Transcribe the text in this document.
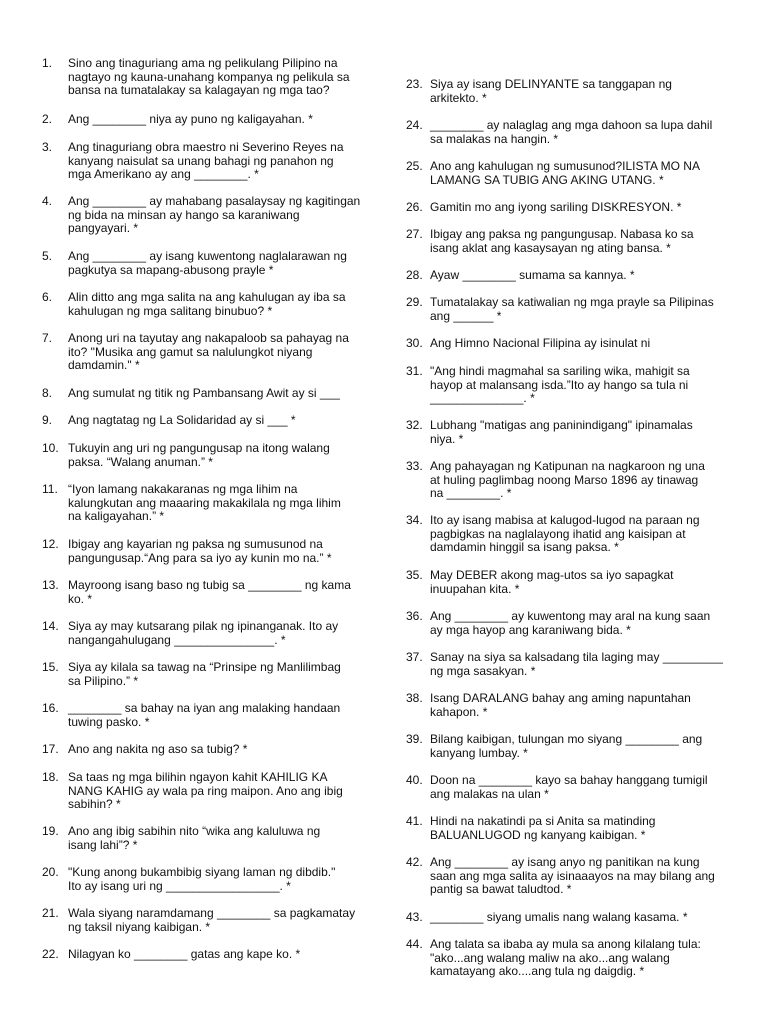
1.	Sino ang tinaguriang ama ng pelikulang Pilipino na
nagtayo ng kauna-unahang kompanya ng pelikula sa
bansa na tumatalakay sa kalagayan ng mga tao?
2.	Ang ________ niya ay puno ng kaligayahan. *
3.	Ang tinaguriang obra maestro ni Severino Reyes na
kanyang naisulat sa unang bahagi ng panahon ng
mga Amerikano ay ang ________. *
4.	Ang ________ ay mahabang pasalaysay ng kagitingan
ng bida na minsan ay hango sa karaniwang
pangyayari. *
5.	Ang ________ ay isang kuwentong naglalarawan ng
pagkutya sa mapang-abusong prayle *
6.	Alin ditto ang mga salita na ang kahulugan ay iba sa
kahulugan ng mga salitang binubuo? *
7.	Anong uri na tayutay ang nakapaloob sa pahayag na
ito? "Musika ang gamut sa nalulungkot niyang
damdamin." *
8.	Ang sumulat ng titik ng Pambansang Awit ay si ___
9.	Ang nagtatag ng La Solidaridad ay si ___ *
10. Tukuyin ang uri ng pangungusap na itong walang
paksa. “Walang anuman.” *
11. “Iyon lamang nakakaranas ng mga lihim na
kalungkutan ang maaaring makakilala ng mga lihim
na kaligayahan.” *
12. Ibigay ang kayarian ng paksa ng sumusunod na
pangungusap.“Ang para sa iyo ay kunin mo na.” *
13. Mayroong isang baso ng tubig sa ________ ng kama
ko. *
14. Siya ay may kutsarang pilak ng ipinanganak. Ito ay
nangangahulugang _______________. *
15. Siya ay kilala sa tawag na “Prinsipe ng Manlilimbag
sa Pilipino.” *
16. ________ sa bahay na iyan ang malaking handaan
tuwing pasko. *
17. Ano ang nakita ng aso sa tubig? *
18. Sa taas ng mga bilihin ngayon kahit KAHILIG KA
NANG KAHIG ay wala pa ring maipon. Ano ang ibig
sabihin? *
19. Ano ang ibig sabihin nito “wika ang kaluluwa ng
isang lahi”? *
20. "Kung anong bukambibig siyang laman ng dibdib."
Ito ay isang uri ng _________________. *
21. Wala siyang naramdamang ________ sa pagkamatay
ng taksil niyang kaibigan. *
22. Nilagyan ko ________ gatas ang kape ko. *
23. Siya ay isang DELINYANTE sa tanggapan ng
arkitekto. *
24. ________ ay nalaglag ang mga dahoon sa lupa dahil
sa malakas na hangin. *
25. Ano ang kahulugan ng sumusunod?ILISTA MO NA
LAMANG SA TUBIG ANG AKING UTANG. *
26. Gamitin mo ang iyong sariling DISKRESYON. *
27. Ibigay ang paksa ng pangungusap. Nabasa ko sa
isang aklat ang kasaysayan ng ating bansa. *
28. Ayaw ________ sumama sa kannya. *
29. Tumatalakay sa katiwalian ng mga prayle sa Pilipinas
ang ______ *
30. Ang Himno Nacional Filipina ay isinulat ni
31. "Ang hindi magmahal sa sariling wika, mahigit sa
hayop at malansang isda.”Ito ay hango sa tula ni
______________. *
32. Lubhang "matigas ang paninindigang" ipinamalas
niya. *
33. Ang pahayagan ng Katipunan na nagkaroon ng una
at huling paglimbag noong Marso 1896 ay tinawag
na ________. *
34. Ito ay isang mabisa at kalugod-lugod na paraan ng
pagbigkas na naglalayong ihatid ang kaisipan at
damdamin hinggil sa isang paksa. *
35. May DEBER akong mag-utos sa iyo sapagkat
inuupahan kita. *
36. Ang ________ ay kuwentong may aral na kung saan
ay mga hayop ang karaniwang bida. *
37. Sanay na siya sa kalsadang tila laging may _________
ng mga sasakyan. *
38. Isang DARALANG bahay ang aming napuntahan
kahapon. *
39. Bilang kaibigan, tulungan mo siyang ________ ang
kanyang lumbay. *
40. Doon na ________ kayo sa bahay hanggang tumigil
ang malakas na ulan *
41. Hindi na nakatindi pa si Anita sa matinding
BALUANLUGOD ng kanyang kaibigan. *
42. Ang ________ ay isang anyo ng panitikan na kung
saan ang mga salita ay isinaaayos na may bilang ang
pantig sa bawat taludtod. *
43. ________ siyang umalis nang walang kasama. *
44. Ang talata sa ibaba ay mula sa anong kilalang tula:
"ako...ang walang maliw na ako...ang walang
kamatayang ako....ang tula ng daigdig. *
